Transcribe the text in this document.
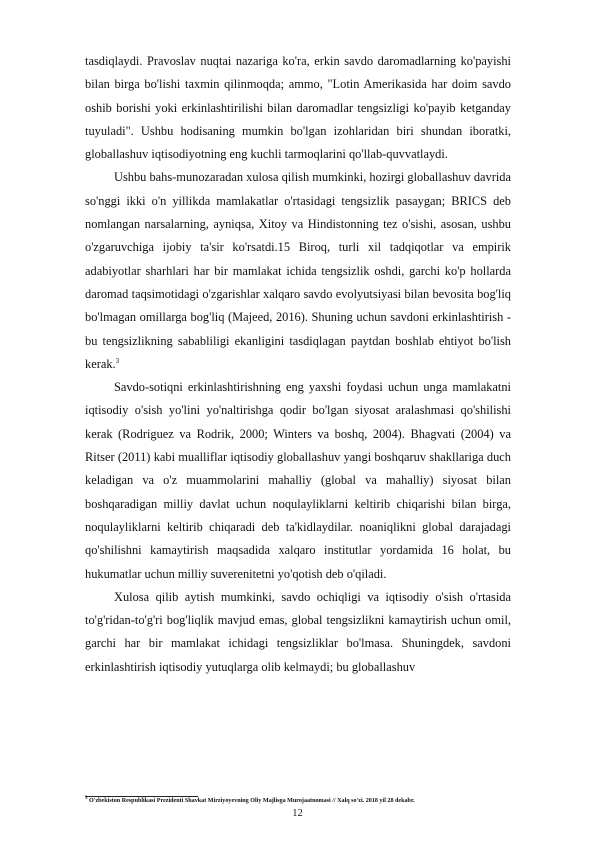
tasdiqlaydi. Pravoslav nuqtai nazariga ko'ra, erkin savdo daromadlarning ko'payishi bilan birga bo'lishi taxmin qilinmoqda; ammo, "Lotin Amerikasida har doim savdo oshib borishi yoki erkinlashtirilishi bilan daromadlar tengsizligi ko'payib ketganday tuyuladi". Ushbu hodisaning mumkin bo'lgan izohlaridan biri shundan iboratki, globallashuv iqtisodiyotning eng kuchli tarmoqlarini qo'llab-quvvatlaydi.

Ushbu bahs-munozaradan xulosa qilish mumkinki, hozirgi globallashuv davrida so'nggi ikki o'n yillikda mamlakatlar o'rtasidagi tengsizlik pasaygan; BRICS deb nomlangan narsalarning, ayniqsa, Xitoy va Hindistonning tez o'sishi, asosan, ushbu o'zgaruvchiga ijobiy ta'sir ko'rsatdi.15 Biroq, turli xil tadqiqotlar va empirik adabiyotlar sharhlari har bir mamlakat ichida tengsizlik oshdi, garchi ko'p hollarda daromad taqsimotidagi o'zgarishlar xalqaro savdo evolyutsiyasi bilan bevosita bog'liq bo'lmagan omillarga bog'liq (Majeed, 2016). Shuning uchun savdoni erkinlashtirish - bu tengsizlikning sababliligi ekanligini tasdiqlagan paytdan boshlab ehtiyot bo'lish kerak.$^3$

Savdo-sotiqni erkinlashtirishning eng yaxshi foydasi uchun unga mamlakatni iqtisodiy o'sish yo'lini yo'naltirishga qodir bo'lgan siyosat aralashmasi qo'shilishi kerak (Rodriguez va Rodrik, 2000; Winters va boshq, 2004). Bhagvati (2004) va Ritser (2011) kabi mualliflar iqtisodiy globallashuv yangi boshqaruv shakllariga duch keladigan va o'z muammolarini mahalliy (global va mahalliy) siyosat bilan boshqaradigan milliy davlat uchun noqulayliklarni keltirib chiqarishi bilan birga, noqulayliklarni keltirib chiqaradi deb ta'kidlaydilar. noaniqlikni global darajadagi qo'shilishni kamaytirish maqsadida xalqaro institutlar yordamida 16 holat, bu hukumatlar uchun milliy suverenitetni yo'qotish deb o'qiladi.

Xulosa qilib aytish mumkinki, savdo ochiqligi va iqtisodiy o'sish o'rtasida to'g'ridan-to'g'ri bog'liqlik mavjud emas, global tengsizlikni kamaytirish uchun omil, garchi har bir mamlakat ichidagi tengsizliklar bo'lmasa. Shuningdek, savdoni erkinlashtirish iqtisodiy yutuqlarga olib kelmaydi; bu globallashuv

$^3$ O'zbekiston Respublikasi Prezidenti Shavkat Mirziyoyevning Oliy Majlisga Murojaatnomasi // Xalq so'zi. 2018 yil 28 dekabr.
12
